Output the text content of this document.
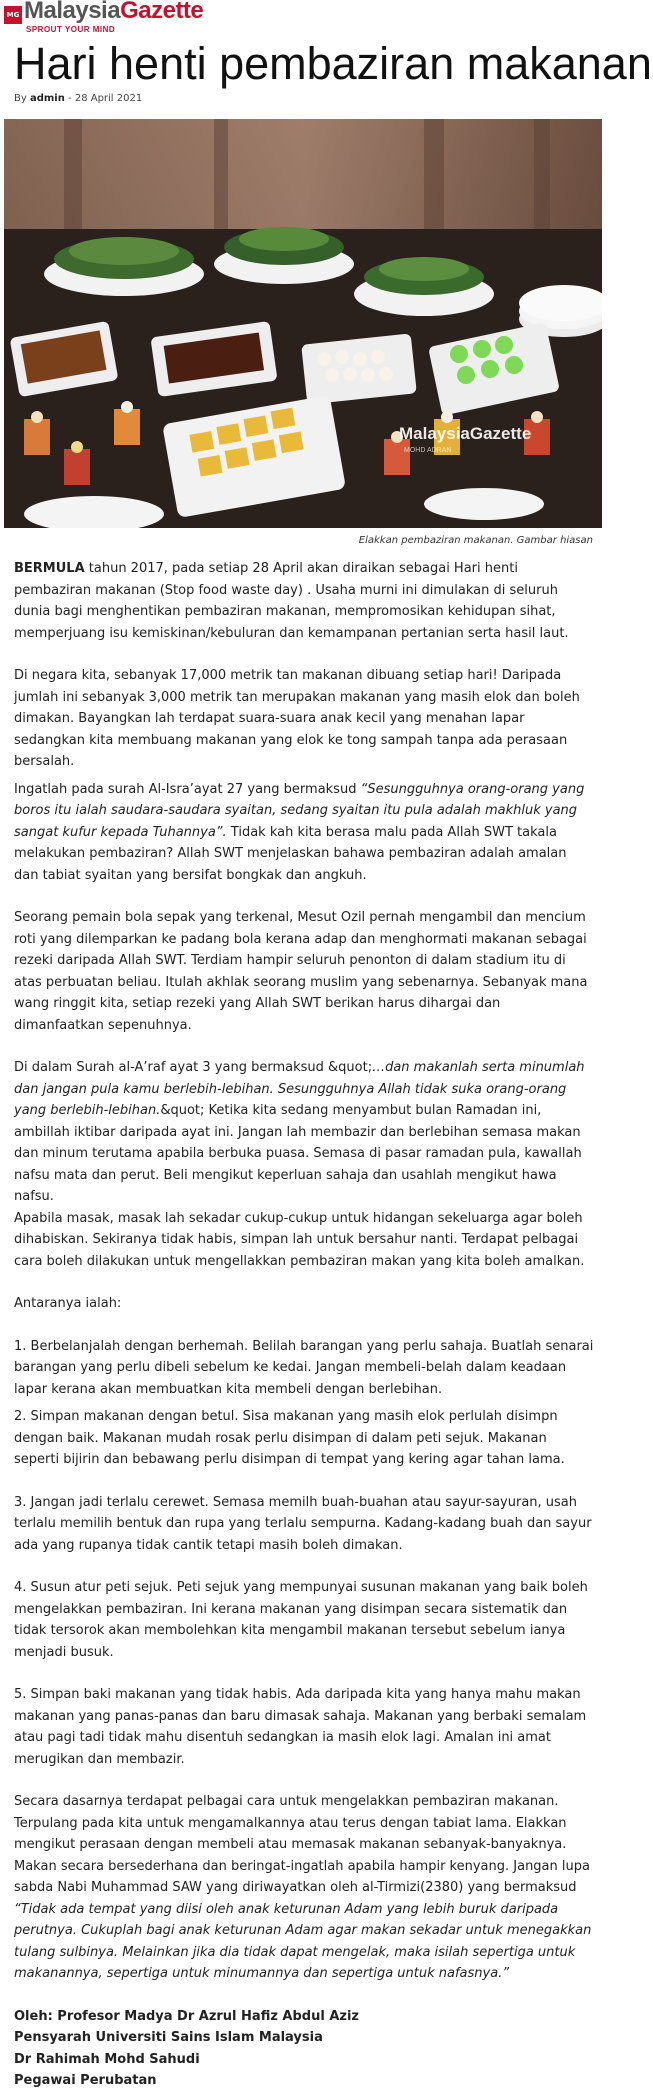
MG MalaysiaGazette
SPROUT YOUR MIND
Hari henti pembaziran makanan
By admin - 28 April 2021
MalaysiaGazette
MOHD ADRAN
Elakkan pembaziran makanan. Gambar hiasan

BERMULA tahun 2017, pada setiap 28 April akan diraikan sebagai Hari henti pembaziran makanan (Stop food waste day) . Usaha murni ini dimulakan di seluruh dunia bagi menghentikan pembaziran makanan, mempromosikan kehidupan sihat, memperjuang isu kemiskinan/kebuluran dan kemampanan pertanian serta hasil laut.

Di negara kita, sebanyak 17,000 metrik tan makanan dibuang setiap hari! Daripada jumlah ini sebanyak 3,000 metrik tan merupakan makanan yang masih elok dan boleh dimakan. Bayangkan lah terdapat suara-suara anak kecil yang menahan lapar sedangkan kita membuang makanan yang elok ke tong sampah tanpa ada perasaan bersalah.

Ingatlah pada surah Al-Isra’ayat 27 yang bermaksud “Sesungguhnya orang-orang yang boros itu ialah saudara-saudara syaitan, sedang syaitan itu pula adalah makhluk yang sangat kufur kepada Tuhannya”. Tidak kah kita berasa malu pada Allah SWT takala melakukan pembaziran? Allah SWT menjelaskan bahawa pembaziran adalah amalan dan tabiat syaitan yang bersifat bongkak dan angkuh.

Seorang pemain bola sepak yang terkenal, Mesut Ozil pernah mengambil dan mencium roti yang dilemparkan ke padang bola kerana adap dan menghormati makanan sebagai rezeki daripada Allah SWT. Terdiam hampir seluruh penonton di dalam stadium itu di atas perbuatan beliau. Itulah akhlak seorang muslim yang sebenarnya. Sebanyak mana wang ringgit kita, setiap rezeki yang Allah SWT berikan harus dihargai dan dimanfaatkan sepenuhnya.

Di dalam Surah al-A’raf ayat 3 yang bermaksud &quot;…dan makanlah serta minumlah dan jangan pula kamu berlebih-lebihan. Sesungguhnya Allah tidak suka orang-orang yang berlebih-lebihan.&quot; Ketika kita sedang menyambut bulan Ramadan ini, ambillah iktibar daripada ayat ini. Jangan lah membazir dan berlebihan semasa makan dan minum terutama apabila berbuka puasa. Semasa di pasar ramadan pula, kawallah nafsu mata dan perut. Beli mengikut keperluan sahaja dan usahlah mengikut hawa nafsu.

Apabila masak, masak lah sekadar cukup-cukup untuk hidangan sekeluarga agar boleh dihabiskan. Sekiranya tidak habis, simpan lah untuk bersahur nanti. Terdapat pelbagai cara boleh dilakukan untuk mengellakkan pembaziran makan yang kita boleh amalkan.

Antaranya ialah:

1. Berbelanjalah dengan berhemah. Belilah barangan yang perlu sahaja. Buatlah senarai barangan yang perlu dibeli sebelum ke kedai. Jangan membeli-belah dalam keadaan lapar kerana akan membuatkan kita membeli dengan berlebihan.

2. Simpan makanan dengan betul. Sisa makanan yang masih elok perlulah disimpn dengan baik. Makanan mudah rosak perlu disimpan di dalam peti sejuk. Makanan seperti bijirin dan bebawang perlu disimpan di tempat yang kering agar tahan lama.

3. Jangan jadi terlalu cerewet. Semasa memilh buah-buahan atau sayur-sayuran, usah terlalu memilih bentuk dan rupa yang terlalu sempurna. Kadang-kadang buah dan sayur ada yang rupanya tidak cantik tetapi masih boleh dimakan.

4. Susun atur peti sejuk. Peti sejuk yang mempunyai susunan makanan yang baik boleh mengelakkan pembaziran. Ini kerana makanan yang disimpan secara sistematik dan tidak tersorok akan membolehkan kita mengambil makanan tersebut sebelum ianya menjadi busuk.

5. Simpan baki makanan yang tidak habis. Ada daripada kita yang hanya mahu makan makanan yang panas-panas dan baru dimasak sahaja. Makanan yang berbaki semalam atau pagi tadi tidak mahu disentuh sedangkan ia masih elok lagi. Amalan ini amat merugikan dan membazir.

Secara dasarnya terdapat pelbagai cara untuk mengelakkan pembaziran makanan. Terpulang pada kita untuk mengamalkannya atau terus dengan tabiat lama. Elakkan mengikut perasaan dengan membeli atau memasak makanan sebanyak-banyaknya. Makan secara bersederhana dan beringat-ingatlah apabila hampir kenyang. Jangan lupa sabda Nabi Muhammad SAW yang diriwayatkan oleh al-Tirmizi(2380) yang bermaksud “Tidak ada tempat yang diisi oleh anak keturunan Adam yang lebih buruk daripada perutnya. Cukuplah bagi anak keturunan Adam agar makan sekadar untuk menegakkan tulang sulbinya. Melainkan jika dia tidak dapat mengelak, maka isilah sepertiga untuk makanannya, sepertiga untuk minumannya dan sepertiga untuk nafasnya.”

Oleh: Profesor Madya Dr Azrul Hafiz Abdul Aziz

Pensyarah Universiti Sains Islam Malaysia

Dr Rahimah Mohd Sahudi

Pegawai Perubatan
